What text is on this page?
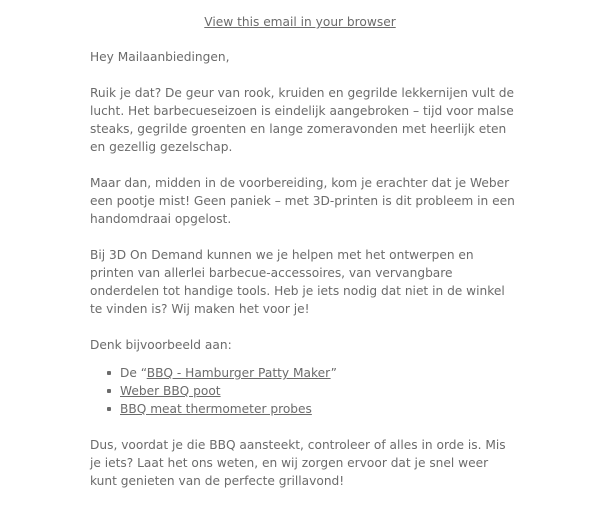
View this email in your browser

Hey Mailaanbiedingen,

Ruik je dat? De geur van rook, kruiden en gegrilde lekkernijen vult de lucht. Het barbecueseizoen is eindelijk aangebroken – tijd voor malse steaks, gegrilde groenten en lange zomeravonden met heerlijk eten en gezellig gezelschap.

Maar dan, midden in de voorbereiding, kom je erachter dat je Weber een pootje mist! Geen paniek – met 3D-printen is dit probleem in een handomdraai opgelost.

Bij 3D On Demand kunnen we je helpen met het ontwerpen en printen van allerlei barbecue-accessoires, van vervangbare onderdelen tot handige tools. Heb je iets nodig dat niet in de winkel te vinden is? Wij maken het voor je!

Denk bijvoorbeeld aan:

De “BBQ - Hamburger Patty Maker”
Weber BBQ poot
BBQ meat thermometer probes

Dus, voordat je die BBQ aansteekt, controleer of alles in orde is. Mis je iets? Laat het ons weten, en wij zorgen ervoor dat je snel weer kunt genieten van de perfecte grillavond!
